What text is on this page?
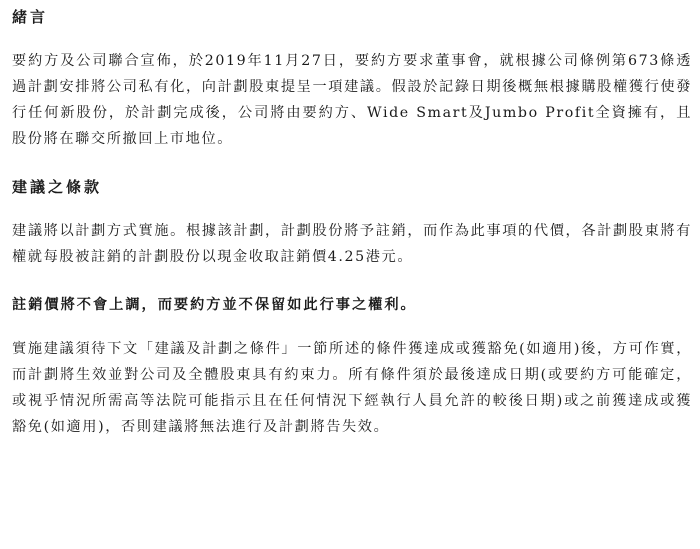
緒言

要約方及公司聯合宣佈，於2019年11月27日，要約方要求董事會，就根據公司條例第673條透過計劃安排將公司私有化，向計劃股東提呈一項建議。假設於記錄日期後概無根據購股權獲行使發行任何新股份，於計劃完成後，公司將由要約方、Wide Smart及Jumbo Profit全資擁有，且股份將在聯交所撤回上市地位。

建議之條款

建議將以計劃方式實施。根據該計劃，計劃股份將予註銷，而作為此事項的代價，各計劃股東將有權就每股被註銷的計劃股份以現金收取註銷價4.25港元。

註銷價將不會上調，而要約方並不保留如此行事之權利。

實施建議須待下文「建議及計劃之條件」一節所述的條件獲達成或獲豁免(如適用)後，方可作實，而計劃將生效並對公司及全體股東具有約束力。所有條件須於最後達成日期(或要約方可能確定，或視乎情況所需高等法院可能指示且在任何情況下經執行人員允許的較後日期)或之前獲達成或獲豁免(如適用)，否則建議將無法進行及計劃將告失效。
